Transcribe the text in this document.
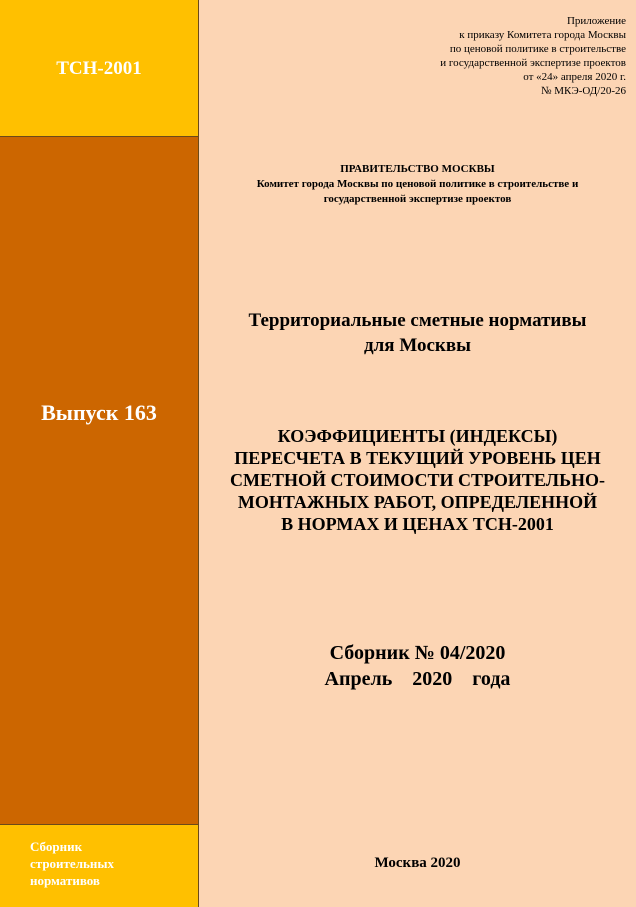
ТСН-2001
Выпуск 163
Сборник
строительных
нормативов
Приложение
к приказу Комитета города Москвы
по ценовой политике в строительстве
и государственной экспертизе проектов
от «24» апреля 2020 г.
№ МКЭ-ОД/20-26
ПРАВИТЕЛЬСТВО МОСКВЫ
Комитет города Москвы по ценовой политике в строительстве и
государственной экспертизе проектов
Территориальные сметные нормативы
для Москвы
КОЭФФИЦИЕНТЫ (ИНДЕКСЫ)
ПЕРЕСЧЕТА В ТЕКУЩИЙ УРОВЕНЬ ЦЕН
СМЕТНОЙ СТОИМОСТИ СТРОИТЕЛЬНО-
МОНТАЖНЫХ РАБОТ, ОПРЕДЕЛЕННОЙ
В НОРМАХ И ЦЕНАХ ТСН-2001
Сборник № 04/2020
Апрель    2020    года
Москва 2020
